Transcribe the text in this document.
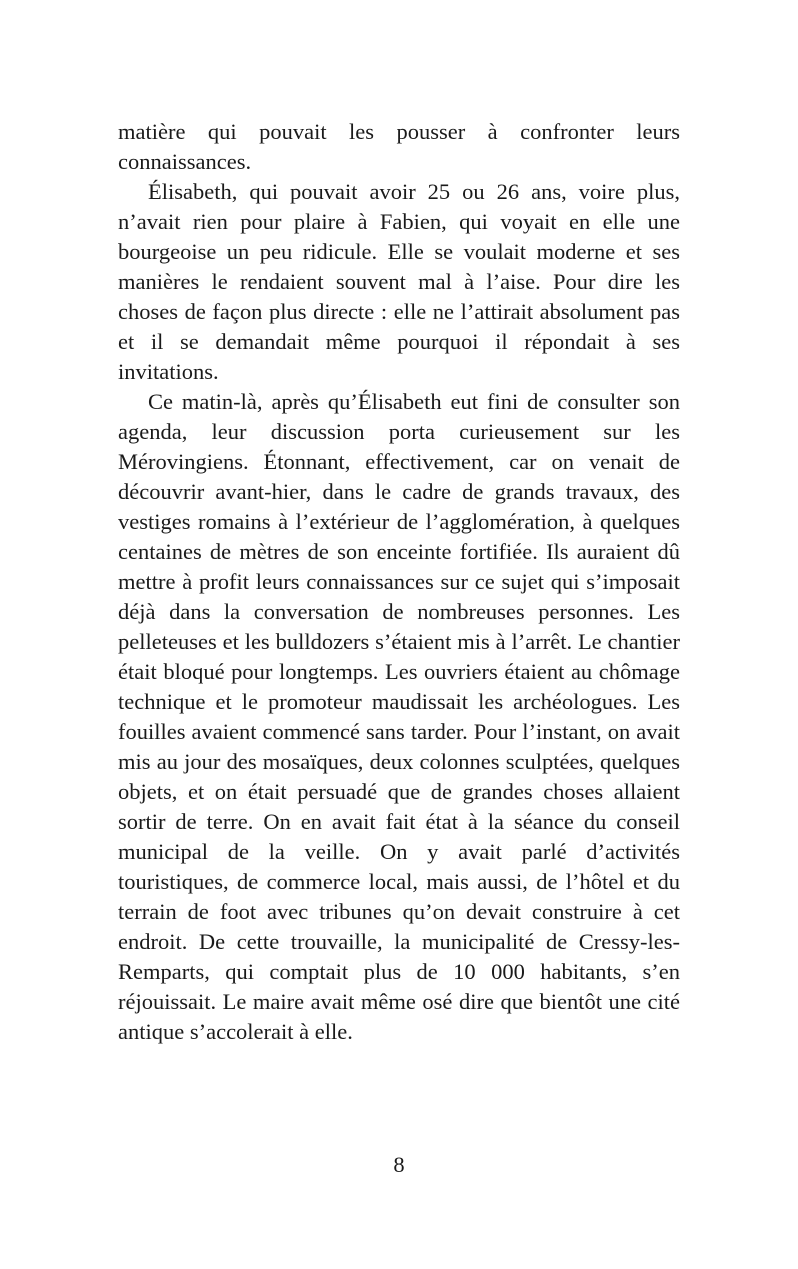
matière qui pouvait les pousser à confronter leurs connaissances.

Élisabeth, qui pouvait avoir 25 ou 26 ans, voire plus, n’avait rien pour plaire à Fabien, qui voyait en elle une bourgeoise un peu ridicule. Elle se voulait moderne et ses manières le rendaient souvent mal à l’aise. Pour dire les choses de façon plus directe : elle ne l’attirait absolument pas et il se demandait même pourquoi il répondait à ses invitations.

Ce matin-là, après qu’Élisabeth eut fini de consulter son agenda, leur discussion porta curieusement sur les Mérovingiens. Étonnant, effectivement, car on venait de découvrir avant-hier, dans le cadre de grands travaux, des vestiges romains à l’extérieur de l’agglomération, à quelques centaines de mètres de son enceinte fortifiée. Ils auraient dû mettre à profit leurs connaissances sur ce sujet qui s’imposait déjà dans la conversation de nombreuses personnes. Les pelleteuses et les bulldozers s’étaient mis à l’arrêt. Le chantier était bloqué pour longtemps. Les ouvriers étaient au chômage technique et le promoteur maudissait les archéologues. Les fouilles avaient commencé sans tarder. Pour l’instant, on avait mis au jour des mosaïques, deux colonnes sculptées, quelques objets, et on était persuadé que de grandes choses allaient sortir de terre. On en avait fait état à la séance du conseil municipal de la veille. On y avait parlé d’activités touristiques, de commerce local, mais aussi, de l’hôtel et du terrain de foot avec tribunes qu’on devait construire à cet endroit. De cette trouvaille, la municipalité de Cressy-les-Remparts, qui comptait plus de 10 000 habitants, s’en réjouissait. Le maire avait même osé dire que bientôt une cité antique s’accolerait à elle.

8
